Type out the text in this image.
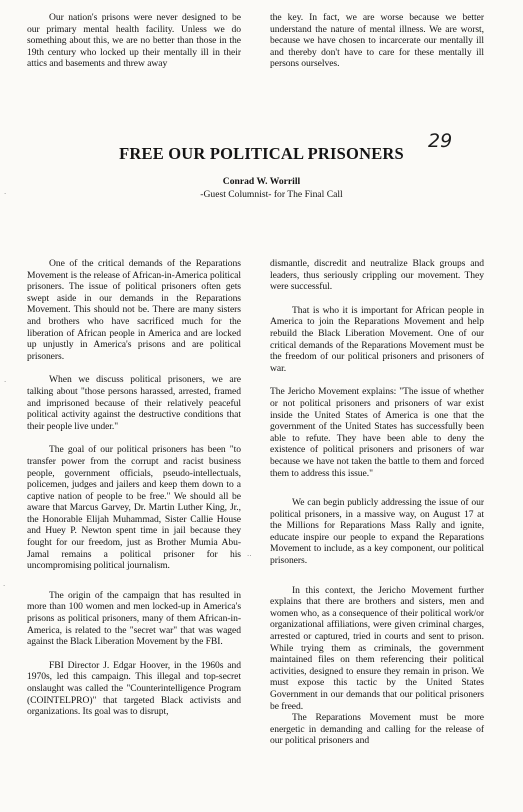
Our nation's prisons were never designed to be our primary mental health facility. Unless we do something about this, we are no better than those in the 19th century who locked up their mentally ill in their attics and basements and threw away

the key. In fact, we are worse because we better understand the nature of mental illness. We are worst, because we have chosen to incarcerate our mentally ill and thereby don't have to care for these mentally ill persons ourselves.

29
FREE OUR POLITICAL PRISONERS
Conrad W. Worrill
-Guest Columnist- for The Final Call

One of the critical demands of the Reparations Movement is the release of African-in-America political prisoners. The issue of political prisoners often gets swept aside in our demands in the Reparations Movement. This should not be. There are many sisters and brothers who have sacrificed much for the liberation of African people in America and are locked up unjustly in America's prisons and are political prisoners.

When we discuss political prisoners, we are talking about "those persons harassed, arrested, framed and imprisoned because of their relatively peaceful political activity against the destructive conditions that their people live under."

The goal of our political prisoners has been "to transfer power from the corrupt and racist business people, government officials, pseudo-intellectuals, policemen, judges and jailers and keep them down to a captive nation of people to be free." We should all be aware that Marcus Garvey, Dr. Martin Luther King, Jr., the Honorable Elijah Muhammad, Sister Callie House and Huey P. Newton spent time in jail because they fought for our freedom, just as Brother Mumia Abu-Jamal remains a political prisoner for his uncompromising political journalism.

The origin of the campaign that has resulted in more than 100 women and men locked-up in America's prisons as political prisoners, many of them African-in-America, is related to the "secret war" that was waged against the Black Liberation Movement by the FBI.

FBI Director J. Edgar Hoover, in the 1960s and 1970s, led this campaign. This illegal and top-secret onslaught was called the "Counterintelligence Program (COINTELPRO)" that targeted Black activists and organizations. Its goal was to disrupt,

dismantle, discredit and neutralize Black groups and leaders, thus seriously crippling our movement. They were successful.

That is who it is important for African people in America to join the Reparations Movement and help rebuild the Black Liberation Movement. One of our critical demands of the Reparations Movement must be the freedom of our political prisoners and prisoners of war.

The Jericho Movement explains: "The issue of whether or not political prisoners and prisoners of war exist inside the United States of America is one that the government of the United States has successfully been able to refute. They have been able to deny the existence of political prisoners and prisoners of war because we have not taken the battle to them and forced them to address this issue."

We can begin publicly addressing the issue of our political prisoners, in a massive way, on August 17 at the Millions for Reparations Mass Rally and ignite, educate inspire our people to expand the Reparations Movement to include, as a key component, our political prisoners.

In this context, the Jericho Movement further explains that there are brothers and sisters, men and women who, as a consequence of their political work/or organizational affiliations, were given criminal charges, arrested or captured, tried in courts and sent to prison. While trying them as criminals, the government maintained files on them referencing their political activities, designed to ensure they remain in prison. We must expose this tactic by the United States Government in our demands that our political prisoners be freed.

The Reparations Movement must be more energetic in demanding and calling for the release of our political prisoners and

·
·
·
··
